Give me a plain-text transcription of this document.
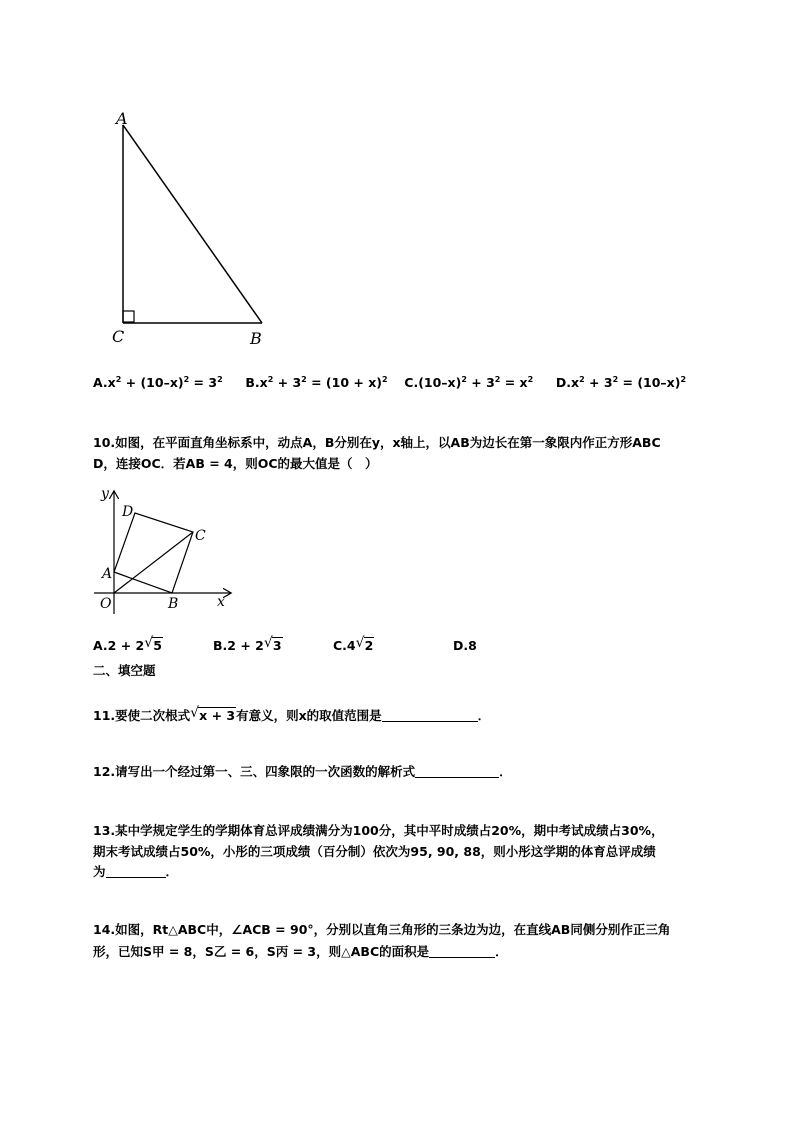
A
C	B
$A.x^2 + (10-x)^2 = 3^2$ $B.x^2 + 3^2 = (10 + x)^2$ $C.(10-x)^2 + 3^2 = x^2$ $D.x^2 + 3^2 = (10-x)^2$
10.如图，在平面直角坐标系中，动点A，B分别在y，x轴上，以AB为边长在第一象限内作正方形ABC
D，连接OC．若AB = 4，则OC的最大值是（　）
y
x
O
A
B
C
D
A.2 + 2 √ 5	B.2 + 2 √ 3	C.4 √ 2	D.8
二、填空题
11.要使二次根式 √ x + 3有意义，则x的取值范围是	．
12.请写出一个经过第一、三、四象限的一次函数的解析式	．
13.某中学规定学生的学期体育总评成绩满分为100分，其中平时成绩占20%，期中考试成绩占30%，
期末考试成绩占50%，小彤的三项成绩（百分制）依次为95, 90, 88，则小彤这学期的体育总评成绩
为	．
14.如图，Rt△ABC中，∠ACB = 90°，分别以直角三角形的三条边为边，在直线AB同侧分别作正三角
形，已知S甲 = 8，S乙 = 6，S丙 = 3，则△ABC的面积是	．
